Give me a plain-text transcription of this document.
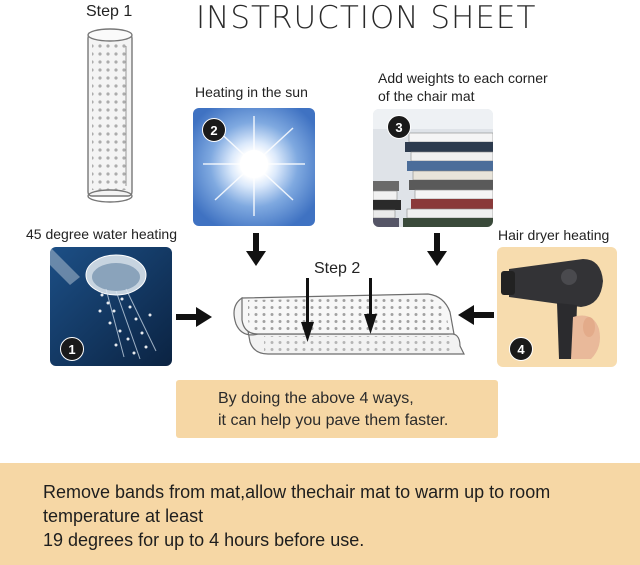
INSTRUCTION SHEET
Step 1
Heating in the sun
2
Add weights to each corner
of the chair mat
3
45 degree water heating
1
Hair dryer heating
4
Step 2
By doing the above 4 ways,
it can help you pave them faster.
Remove bands from mat,allow thechair mat to warm up to room
temperature at least
19 degrees for up to 4 hours before use.
